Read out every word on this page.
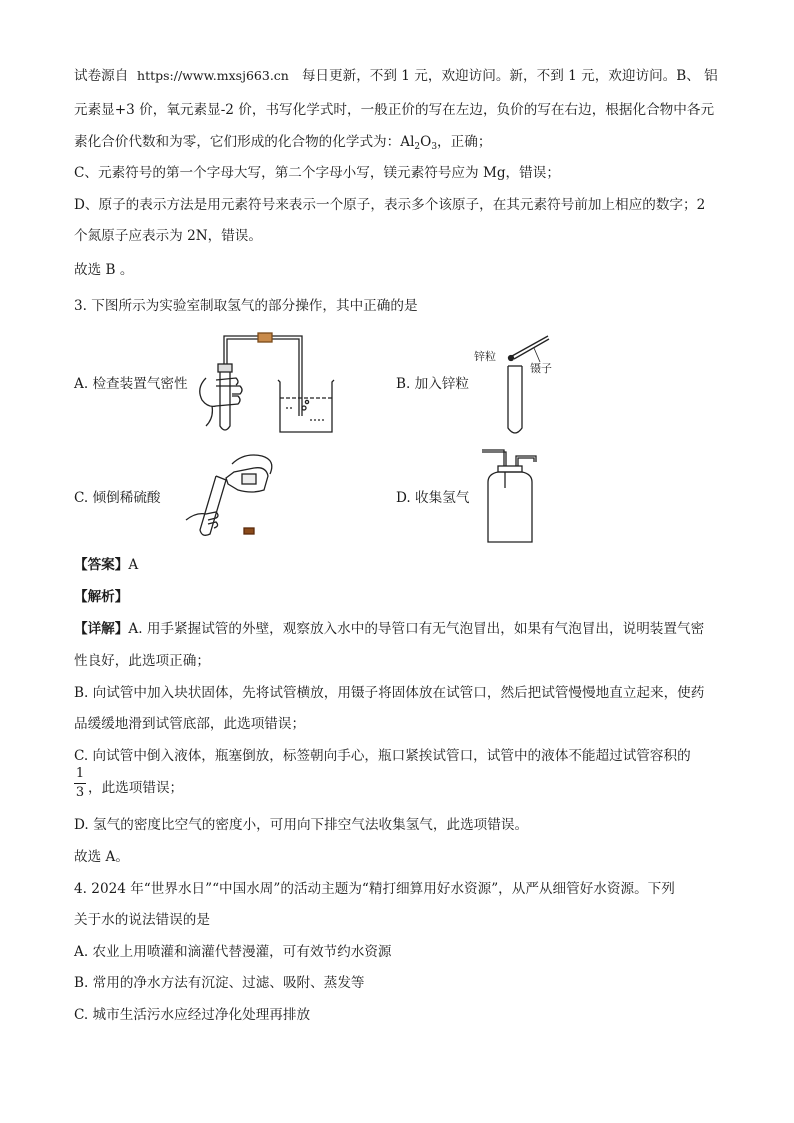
试卷源自 https://www.mxsj663.cn 每日更新，不到 1 元，欢迎访问。新，不到 1 元，欢迎访问。B、 铝
元素显+3 价，氧元素显-2 价，书写化学式时，一般正价的写在左边，负价的写在右边，根据化合物中各元
素化合价代数和为零，它们形成的化合物的化学式为：$Al_2O_3$，正确；
C、元素符号的第一个字母大写，第二个字母小写，镁元素符号应为 Mg，错误；
D、原子的表示方法是用元素符号来表示一个原子，表示多个该原子，在其元素符号前加上相应的数字；2
个氮原子应表示为 2N，错误。
故选 B 。
3. 下图所示为实验室制取氢气的部分操作，其中正确的是
A. 检查装置气密性	B. 加入锌粒
C. 倾倒稀硫酸	D. 收集氢气
锌粒
镊子
【答案】A
【解析】
【详解】A. 用手紧握试管的外壁，观察放入水中的导管口有无气泡冒出，如果有气泡冒出，说明装置气密
性良好，此选项正确；
B. 向试管中加入块状固体，先将试管横放，用镊子将固体放在试管口，然后把试管慢慢地直立起来，使药
品缓缓地滑到试管底部，此选项错误；
C. 向试管中倒入液体，瓶塞倒放，标签朝向手心，瓶口紧挨试管口，试管中的液体不能超过试管容积的
1
3 ，此选项错误；
D. 氢气的密度比空气的密度小，可用向下排空气法收集氢气，此选项错误。
故选 A。
4. 2024 年“世界水日”“中国水周”的活动主题为“精打细算用好水资源”，从严从细管好水资源。下列
关于水的说法错误的是
A. 农业上用喷灌和滴灌代替漫灌，可有效节约水资源
B. 常用的净水方法有沉淀、过滤、吸附、蒸发等
C. 城市生活污水应经过净化处理再排放
